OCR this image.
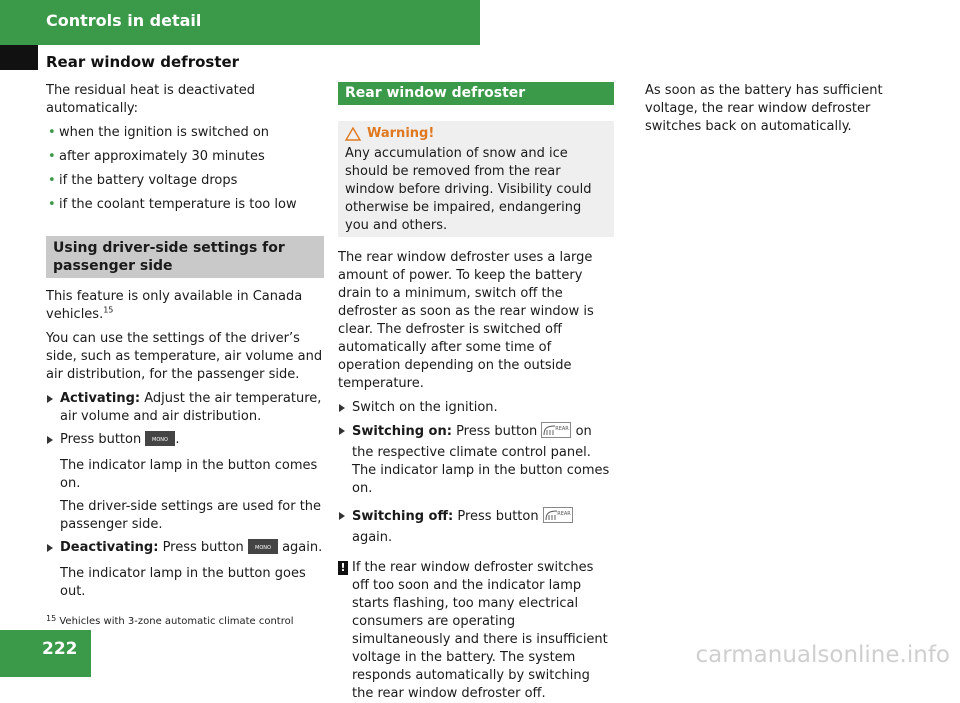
Controls in detail
Rear window defroster

The residual heat is deactivated automatically:

• when the ignition is switched on
• after approximately 30 minutes
• if the battery voltage drops
• if the coolant temperature is too low
Using driver-side settings for
passenger side

This feature is only available in Canada vehicles.$^{15}$

You can use the settings of the driver’s side, such as temperature, air volume and air distribution, for the passenger side.

Activating: Adjust the air temperature, air volume and air distribution.
Press button MONO .
The indicator lamp in the button comes on.
The driver-side settings are used for the passenger side.
Deactivating: Press button MONO again.
The indicator lamp in the button goes out.
Rear window defroster
Warning!
Any accumulation of snow and ice should be removed from the rear window before driving. Visibility could otherwise be impaired, endangering you and others.

The rear window defroster uses a large amount of power. To keep the battery drain to a minimum, switch off the defroster as soon as the rear window is clear. The defroster is switched off automatically after some time of operation depending on the outside temperature.

Switch on the ignition.
Switching on: Press button	REAR on the respective climate control panel.
The indicator lamp in the button comes on.
Switching off: Press button	REAR
again.
! If the rear window defroster switches off too soon and the indicator lamp starts flashing, too many electrical consumers are operating simultaneously and there is insufficient voltage in the battery. The system responds automatically by switching the rear window defroster off.

As soon as the battery has sufficient voltage, the rear window defroster switches back on automatically.

$^{15}$ Vehicles with 3-zone automatic climate control
222	carmanualsonline.info
